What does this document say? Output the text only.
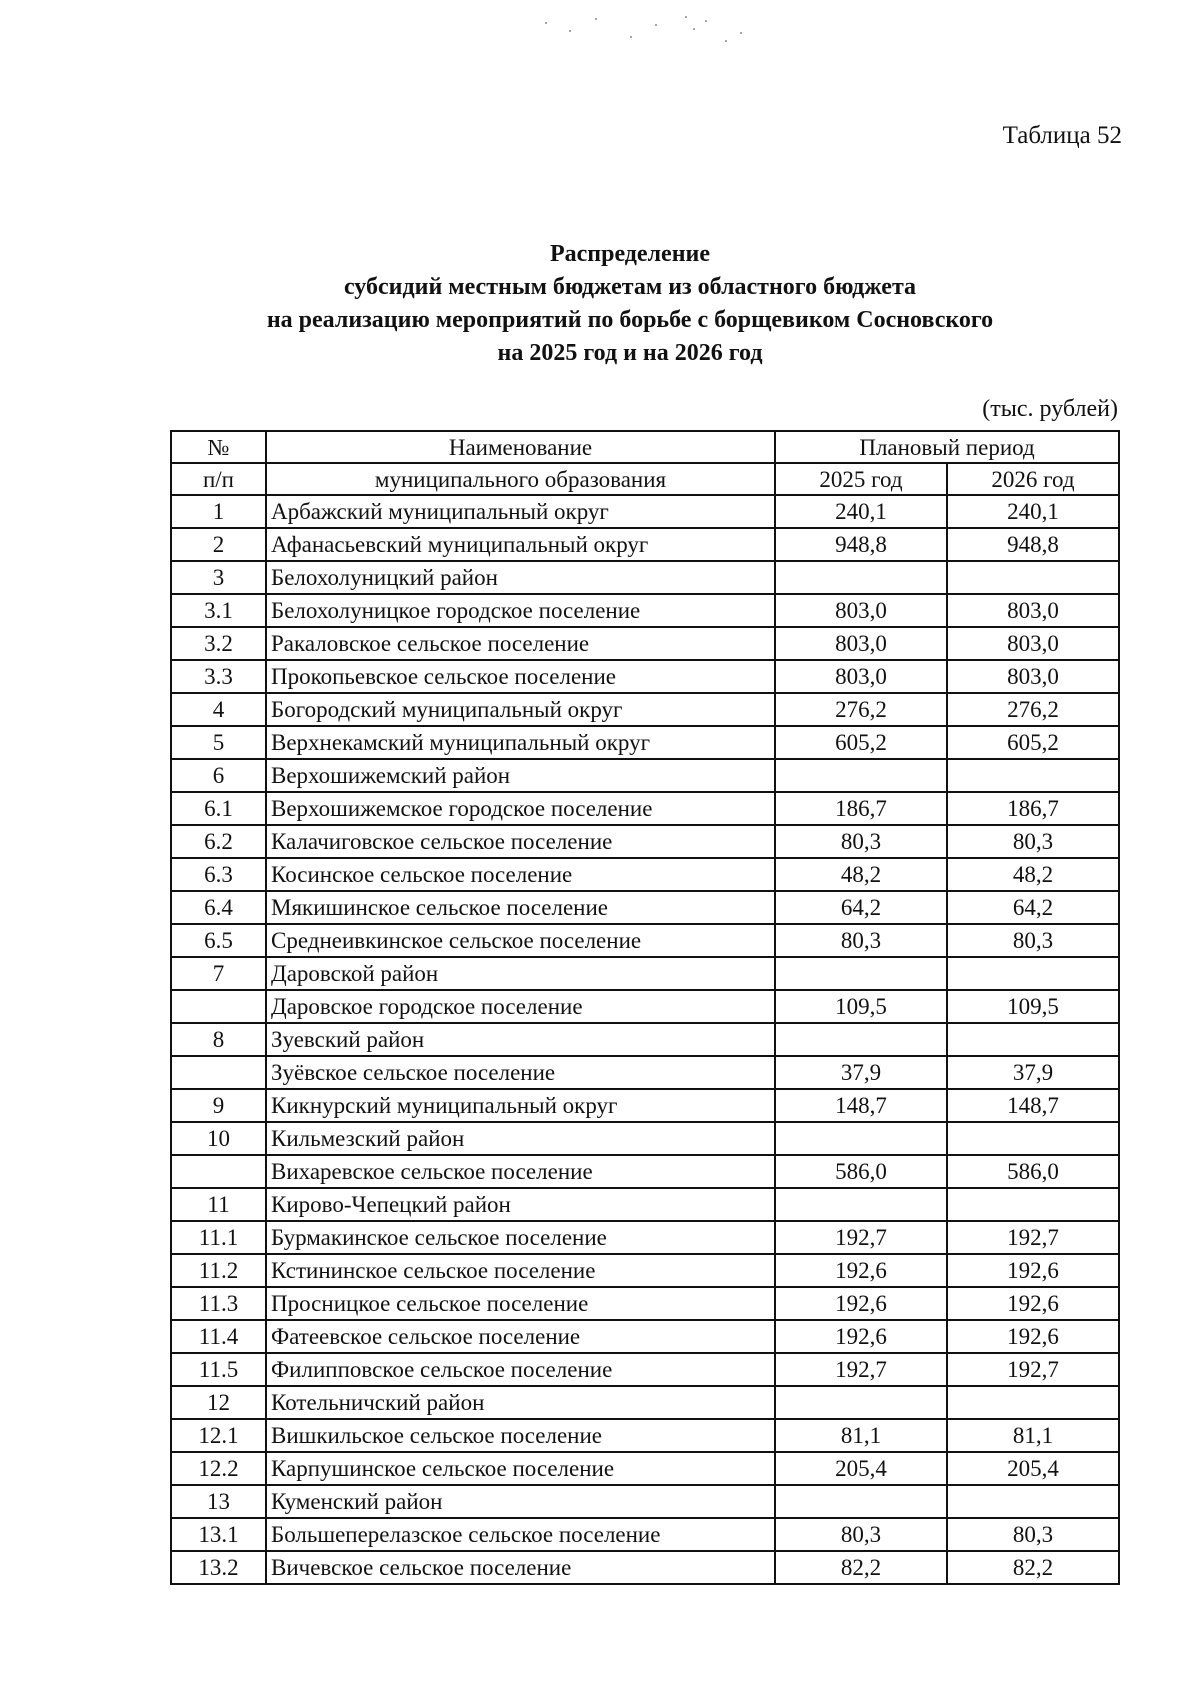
Таблица 52
Распределение
субсидий местным бюджетам из областного бюджета
на реализацию мероприятий по борьбе с борщевиком Сосновского
на 2025 год и на 2026 год
(тыс. рублей)
№	Наименование	Плановый период	
п/п	муниципального образования	2025 год	2026 год
1	Арбажский муниципальный округ	240,1	240,1
2	Афанасьевский муниципальный округ	948,8	948,8
3	Белохолуницкий район		
3.1	Белохолуницкое городское поселение	803,0	803,0
3.2	Ракаловское сельское поселение	803,0	803,0
3.3	Прокопьевское сельское поселение	803,0	803,0
4	Богородский муниципальный округ	276,2	276,2
5	Верхнекамский муниципальный округ	605,2	605,2
6	Верхошижемский район		
6.1	Верхошижемское городское поселение	186,7	186,7
6.2	Калачиговское сельское поселение	80,3	80,3
6.3	Косинское сельское поселение	48,2	48,2
6.4	Мякишинское сельское поселение	64,2	64,2
6.5	Среднеивкинское сельское поселение	80,3	80,3
7	Даровской район		
	Даровское городское поселение	109,5	109,5
8	Зуевский район		
	Зуёвское сельское поселение	37,9	37,9
9	Кикнурский муниципальный округ	148,7	148,7
10	Кильмезский район		
	Вихаревское сельское поселение	586,0	586,0
11	Кирово-Чепецкий район		
11.1	Бурмакинское сельское поселение	192,7	192,7
11.2	Кстининское сельское поселение	192,6	192,6
11.3	Просницкое сельское поселение	192,6	192,6
11.4	Фатеевское сельское поселение	192,6	192,6
11.5	Филипповское сельское поселение	192,7	192,7
12	Котельничский район		
12.1	Вишкильское сельское поселение	81,1	81,1
12.2	Карпушинское сельское поселение	205,4	205,4
13	Куменский район		
13.1	Большеперелазское сельское поселение	80,3	80,3
13.2	Вичевское сельское поселение	82,2	82,2
